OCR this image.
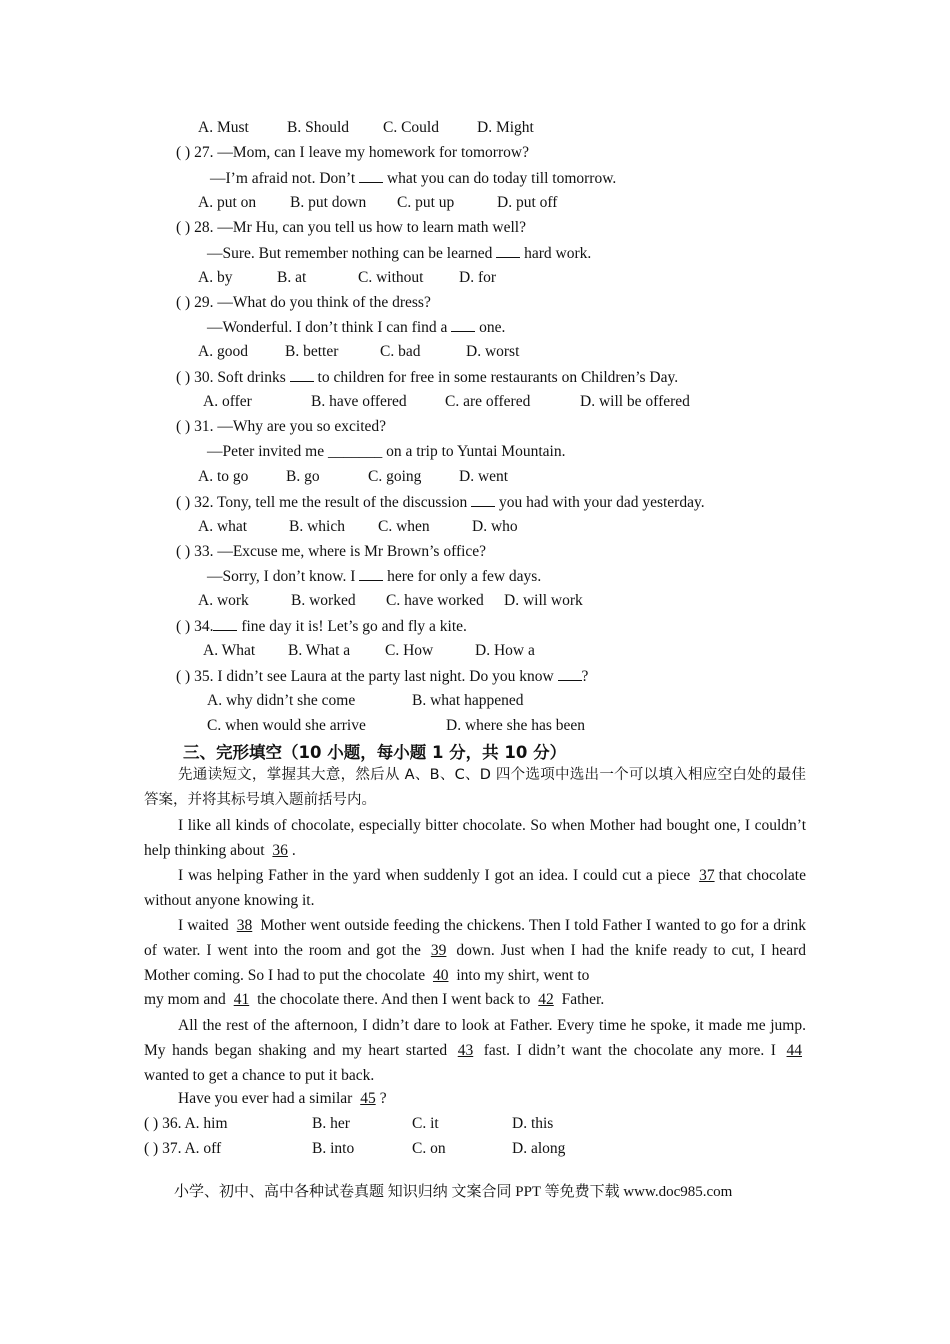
A. Must B. Should C. Could D. Might
( ) 27. —Mom, can I leave my homework for tomorrow?
—I’m afraid not. Don’t  what you can do today till tomorrow.
A. put on B. put down C. put up	D. put off
( ) 28. —Mr Hu, can you tell us how to learn math well?
—Sure. But remember nothing can be learned  hard work.
A. by	B. at	C. without D. for
( ) 29. —What do you think of the dress?
—Wonderful. I don’t think I can find a  one.
A. good B. better	C. bad	D. worst
( ) 30. Soft drinks  to children for free in some restaurants on Children’s Day.
A. offer	B. have offered C. are offered	D. will be offered
( ) 31. —Why are you so excited?
—Peter invited me _______ on a trip to Yuntai Mountain.
A. to go B. go	C. going D. went
( ) 32. Tony, tell me the result of the discussion  you had with your dad yesterday.
A. what	B. which C. when	D. who
( ) 33. —Excuse me, where is Mr Brown’s office?
—Sorry, I don’t know. I  here for only a few days.
A. work	B. worked C. have worked D. will work
( ) 34. fine day it is! Let’s go and fly a kite.
A. What B. What a C. How	D. How a
( ) 35. I didn’t see Laura at the party last night. Do you know ?
A. why didn’t she come	B. what happened
C. when would she arrive	D. where she has been
三、完形填空（10 小题，每小题 1 分，共 10 分）
先通读短文，掌握其大意，然后从 A、B、C、D 四个选项中选出一个可以填入相应空白处的最佳答案，并将其标号填入题前括号内。
I like all kinds of chocolate, especially bitter chocolate. So when Mother had bought one, I couldn’t help thinking about 36 .
I was helping Father in the yard when suddenly I got an idea. I could cut a piece 37 that chocolate without anyone knowing it.
I waited 38 Mother went outside feeding the chickens. Then I told Father I wanted to go for a drink of water. I went into the room and got the 39 down. Just when I had the knife ready to cut, I heard Mother coming. So I had to put the chocolate 40 into my shirt, went to
my mom and 41 the chocolate there. And then I went back to 42 Father.
All the rest of the afternoon, I didn’t dare to look at Father. Every time he spoke, it made me jump. My hands began shaking and my heart started 43 fast. I didn’t want the chocolate any more. I 44 wanted to get a chance to put it back.
Have you ever had a similar 45 ?
( ) 36. A. him	B. her	C. it	D. this
( ) 37. A. off	B. into	C. on	D. along
小学、初中、高中各种试卷真题 知识归纳 文案合同 PPT 等免费下载 www.doc985.com
